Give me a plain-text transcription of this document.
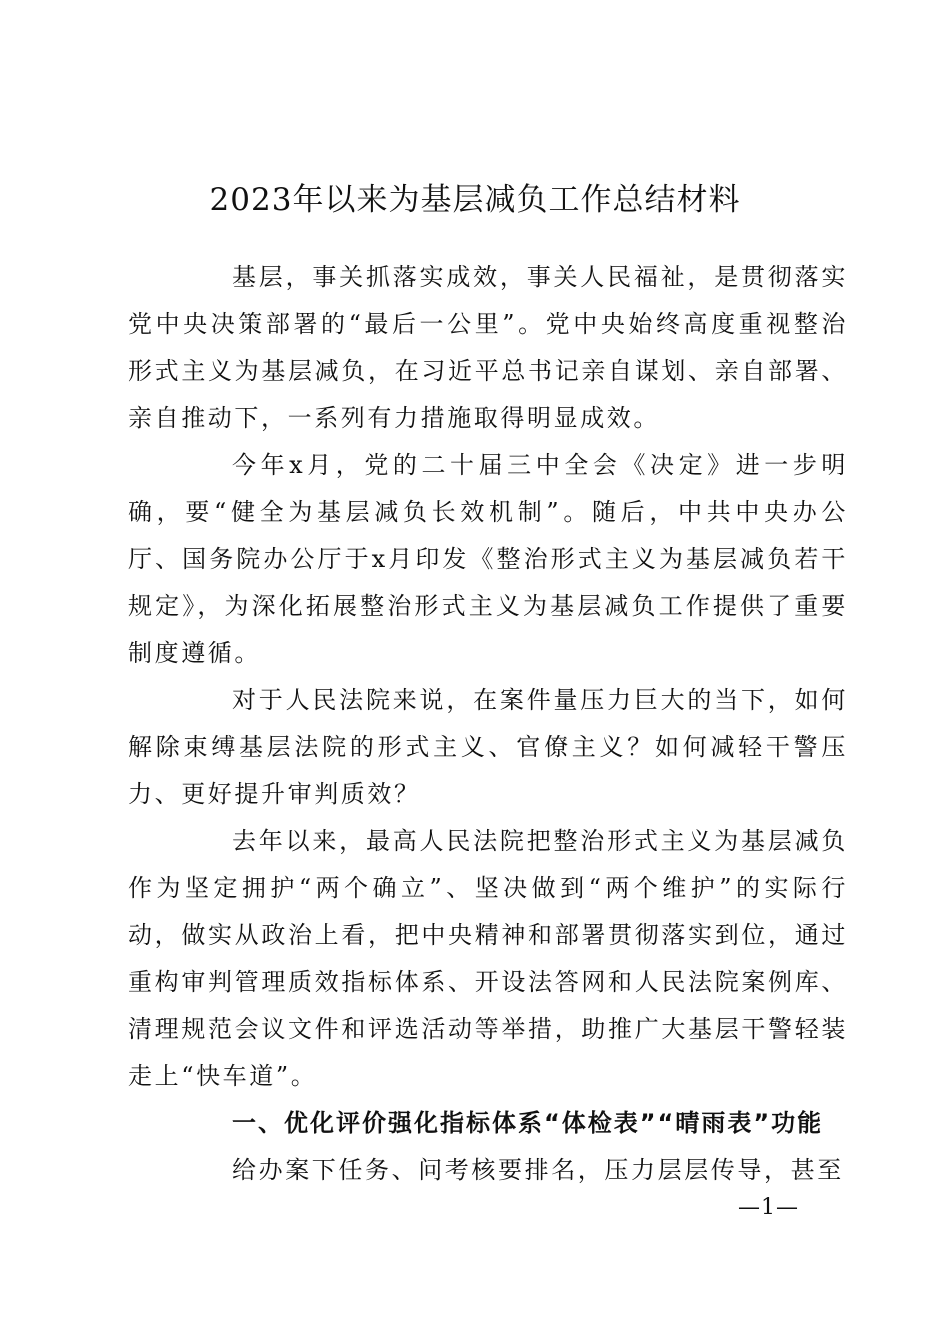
2023年以来为基层减负工作总结材料

基层，事关抓落实成效，事关人民福祉，是贯彻落实党中央决策部署的“最后一公里”。党中央始终高度重视整治形式主义为基层减负，在习近平总书记亲自谋划、亲自部署、亲自推动下，一系列有力措施取得明显成效。

今年x月，党的二十届三中全会《决定》进一步明确，要“健全为基层减负长效机制”。随后，中共中央办公厅、国务院办公厅于x月印发《整治形式主义为基层减负若干规定》，为深化拓展整治形式主义为基层减负工作提供了重要制度遵循。

对于人民法院来说，在案件量压力巨大的当下，如何解除束缚基层法院的形式主义、官僚主义？如何减轻干警压力、更好提升审判质效？

去年以来，最高人民法院把整治形式主义为基层减负作为坚定拥护“两个确立”、坚决做到“两个维护”的实际行动，做实从政治上看，把中央精神和部署贯彻落实到位，通过重构审判管理质效指标体系、开设法答网和人民法院案例库、清理规范会议文件和评选活动等举措，助推广大基层干警轻装走上“快车道”。

一、优化评价强化指标体系“体检表”“晴雨表”功能

给办案下任务、问考核要排名，压力层层传导，甚至

—1—
